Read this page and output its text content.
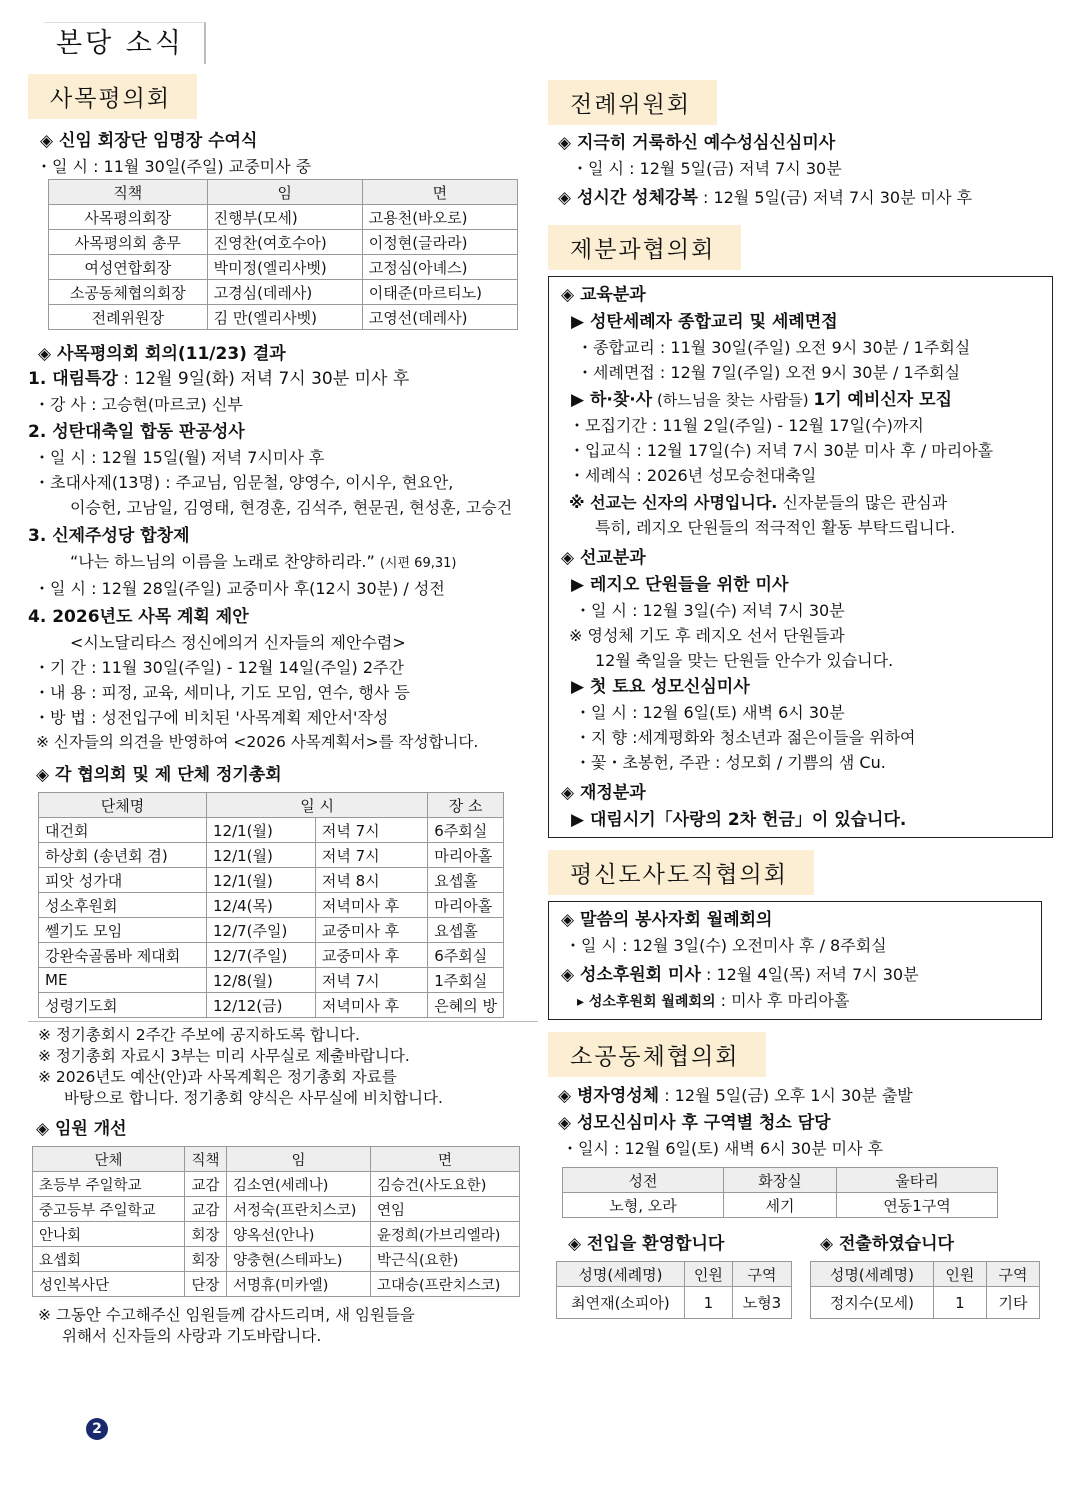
본당 소식
사목평의회
◈ 신임 회장단 임명장 수여식
・일 시 : 11월 30일(주일) 교중미사 중
직책	임	면
사목평의회장	진행부(모세)	고용천(바오로)
사목평의회 총무	진영찬(여호수아)	이정현(글라라)
여성연합회장	박미정(엘리사벳)	고정심(아녜스)
소공동체협의회장	고경심(데레사)	이태준(마르티노)
전례위원장	김 만(엘리사벳)	고영선(데레사)
◈ 사목평의회 회의(11/23) 결과
1. 대림특강 : 12월 9일(화) 저녁 7시 30분 미사 후
・강 사 : 고승현(마르코) 신부
2. 성탄대축일 합동 판공성사
・일 시 : 12월 15일(월) 저녁 7시미사 후
・초대사제(13명) : 주교님, 임문철, 양영수, 이시우, 현요안,
이승헌, 고남일, 김영태, 현경훈, 김석주, 현문권, 현성훈, 고승건
3. 신제주성당 합창제
“나는 하느님의 이름을 노래로 찬양하리라.” (시편 69,31)
・일 시 : 12월 28일(주일) 교중미사 후(12시 30분) / 성전
4. 2026년도 사목 계획 제안
<시노달리타스 정신에의거 신자들의 제안수렴>
・기 간 : 11월 30일(주일) - 12월 14일(주일) 2주간
・내 용 : 피정, 교육, 세미나, 기도 모임, 연수, 행사 등
・방 법 : 성전입구에 비치된 '사목계획 제안서'작성
※ 신자들의 의견을 반영하여 <2026 사목계획서>를 작성합니다.
◈ 각 협의회 및 제 단체 정기총회
단체명	일 시		장 소
대건회	12/1(월)	저녁 7시	6주회실
하상회 (송년회 겸)	12/1(월)	저녁 7시	마리아홀
피앗 성가대	12/1(월)	저녁 8시	요셉홀
성소후원회	12/4(목)	저녁미사 후	마리아홀
쎌기도 모임	12/7(주일)	교중미사 후	요셉홀
강완숙골롬바 제대회	12/7(주일)	교중미사 후	6주회실
ME	12/8(월)	저녁 7시	1주회실
성령기도회	12/12(금)	저녁미사 후	은혜의 방
※ 정기총회시 2주간 주보에 공지하도록 합니다.
※ 정기총회 자료시 3부는 미리 사무실로 제출바랍니다.
※ 2026년도 예산(안)과 사목계획은 정기총회 자료를
바탕으로 합니다. 정기총회 양식은 사무실에 비치합니다.
◈ 임원 개선
단체	직책	임	면
초등부 주일학교	교감	김소연(세레나)	김승건(사도요한)
중고등부 주일학교	교감	서정숙(프란치스코)	연임
안나회	회장	양옥선(안나)	윤정희(가브리엘라)
요셉회	회장	양충현(스테파노)	박근식(요한)
성인복사단	단장	서명휴(미카엘)	고대승(프란치스코)
※ 그동안 수고해주신 임원들께 감사드리며, 새 임원들을
위해서 신자들의 사랑과 기도바랍니다.
전례위원회
◈ 지극히 거룩하신 예수성심신심미사
・일 시 : 12월 5일(금) 저녁 7시 30분
◈ 성시간 성체강복 : 12월 5일(금) 저녁 7시 30분 미사 후
제분과협의회
◈ 교육분과
▶ 성탄세례자 종합교리 및 세례면접
・종합교리 : 11월 30일(주일) 오전 9시 30분 / 1주회실
・세례면접 : 12월 7일(주일) 오전 9시 30분 / 1주회실
▶ 하·찾·사 (하느님을 찾는 사람들) 1기 예비신자 모집
・모집기간 : 11월 2일(주일) - 12월 17일(수)까지
・입교식 : 12월 17일(수) 저녁 7시 30분 미사 후 / 마리아홀
・세례식 : 2026년 성모승천대축일
※ 선교는 신자의 사명입니다. 신자분들의 많은 관심과
특히, 레지오 단원들의 적극적인 활동 부탁드립니다.
◈ 선교분과
▶ 레지오 단원들을 위한 미사
・일 시 : 12월 3일(수) 저녁 7시 30분
※ 영성체 기도 후 레지오 선서 단원들과
12월 축일을 맞는 단원들 안수가 있습니다.
▶ 첫 토요 성모신심미사
・일 시 : 12월 6일(토) 새벽 6시 30분
・지 향 :세계평화와 청소년과 젊은이들을 위하여
・꽃・초봉헌, 주관 : 성모회 / 기쁨의 샘 Cu.
◈ 재정분과
▶ 대림시기「사랑의 2차 헌금」이 있습니다.
평신도사도직협의회
◈ 말씀의 봉사자회 월례회의
・일 시 : 12월 3일(수) 오전미사 후 / 8주회실
◈ 성소후원회 미사 : 12월 4일(목) 저녁 7시 30분
▸ 성소후원회 월례회의 : 미사 후 마리아홀
소공동체협의회
◈ 병자영성체 : 12월 5일(금) 오후 1시 30분 출발
◈ 성모신심미사 후 구역별 청소 담당
・일시 : 12월 6일(토) 새벽 6시 30분 미사 후
성전	화장실	울타리
노형, 오라	세기	연동1구역
◈ 전입을 환영합니다
성명(세례명)	인원	구역
최연재(소피아)	1	노형3
◈ 전출하였습니다
성명(세례명)	인원	구역
정지수(모세)	1	기타
2
